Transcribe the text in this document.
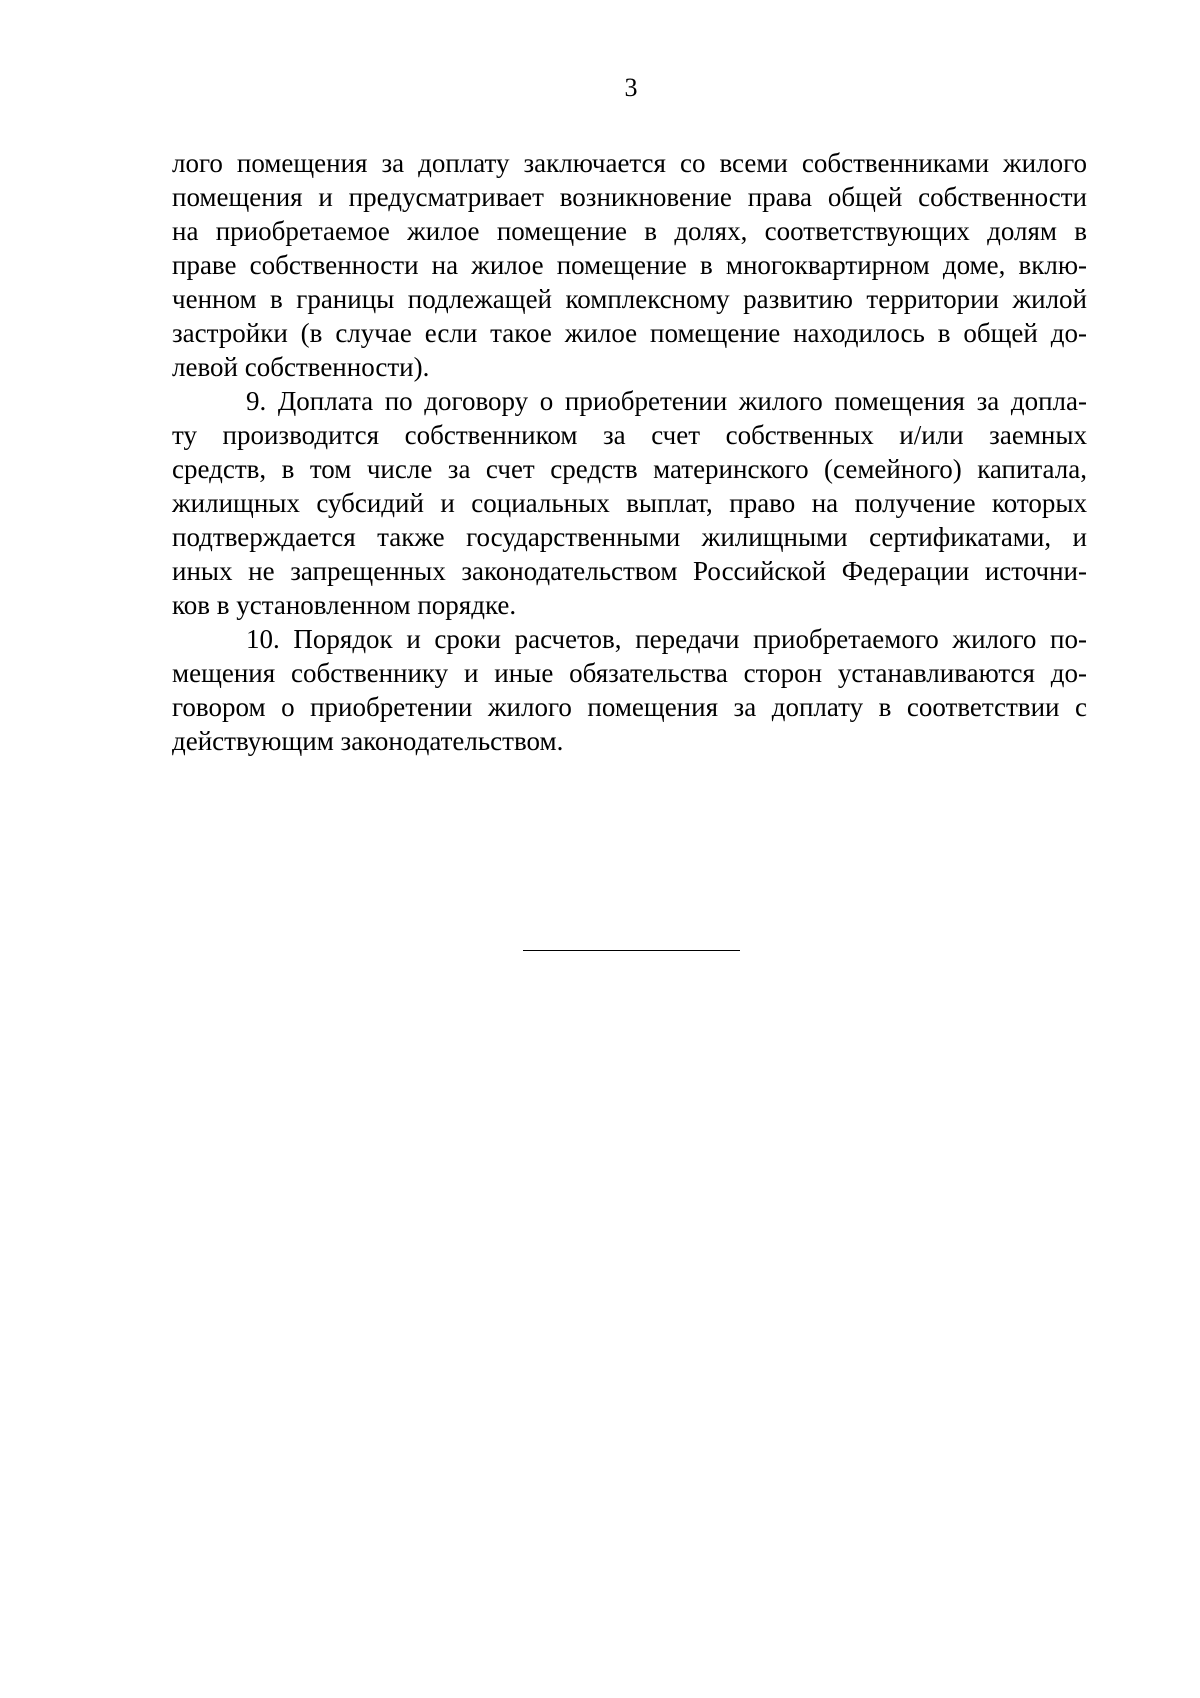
3
лого помещения за доплату заключается со всеми собственниками жилого
помещения и предусматривает возникновение права общей собственности
на приобретаемое жилое помещение в долях, соответствующих долям в
праве собственности на жилое помещение в многоквартирном доме, вклю-
ченном в границы подлежащей комплексному развитию территории жилой
застройки (в случае если такое жилое помещение находилось в общей до-
левой собственности).
9. Доплата по договору о приобретении жилого помещения за допла-
ту производится собственником за счет собственных и/или заемных
средств, в том числе за счет средств материнского (семейного) капитала,
жилищных субсидий и социальных выплат, право на получение которых
подтверждается также государственными жилищными сертификатами, и
иных не запрещенных законодательством Российской Федерации источни-
ков в установленном порядке.
10. Порядок и сроки расчетов, передачи приобретаемого жилого по-
мещения собственнику и иные обязательства сторон устанавливаются до-
говором о приобретении жилого помещения за доплату в соответствии с
действующим законодательством.
